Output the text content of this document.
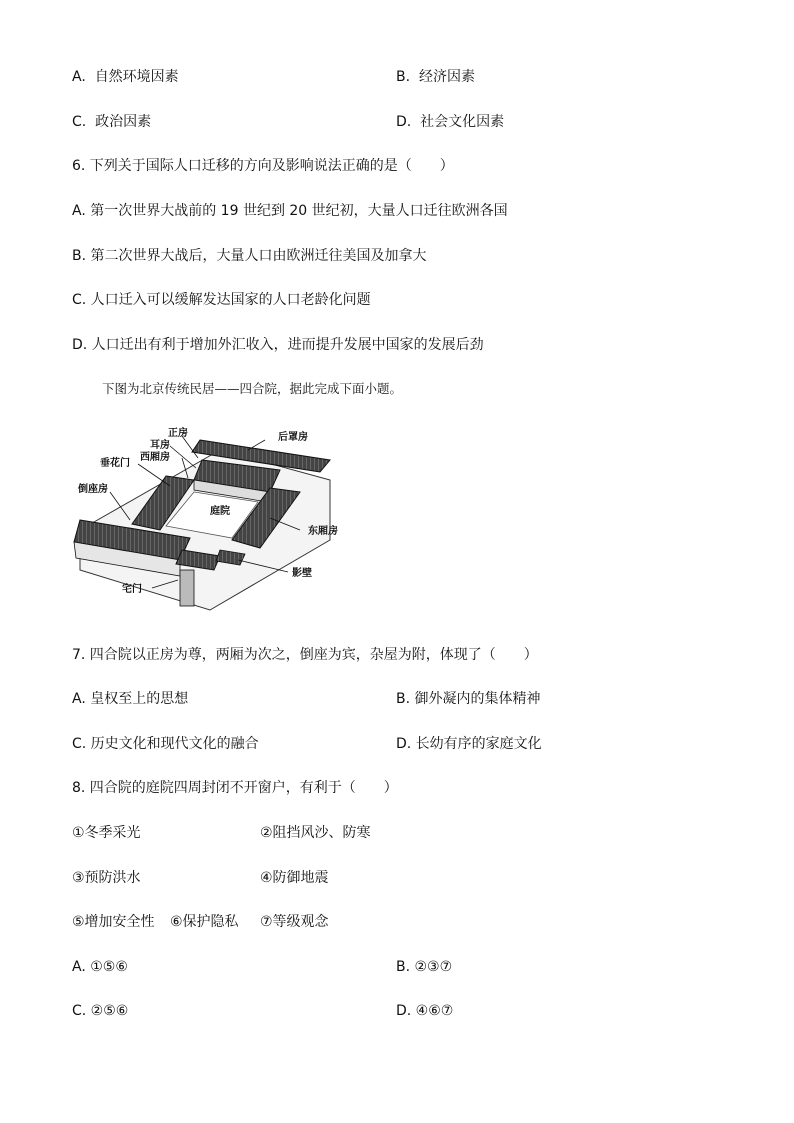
A. 自然环境因素	B. 经济因素
C. 政治因素	D. 社会文化因素
6. 下列关于国际人口迁移的方向及影响说法正确的是（　　）
A. 第一次世界大战前的 19 世纪到 20 世纪初，大量人口迁往欧洲各国
B. 第二次世界大战后，大量人口由欧洲迁往美国及加拿大
C. 人口迁入可以缓解发达国家的人口老龄化问题
D. 人口迁出有利于增加外汇收入，进而提升发展中国家的发展后劲
下图为北京传统民居——四合院，据此完成下面小题。
正房	后罩房
耳房
西厢房
垂花门
倒座房
庭院
东厢房
影壁
宅门
7. 四合院以正房为尊，两厢为次之，倒座为宾，杂屋为附，体现了（　　）
A. 皇权至上的思想	B. 御外凝内的集体精神
C. 历史文化和现代文化的融合	D. 长幼有序的家庭文化
8. 四合院的庭院四周封闭不开窗户，有利于（　　）
①冬季采光	②阻挡风沙、防寒
③预防洪水	④防御地震
⑤增加安全性 ⑥保护隐私 ⑦等级观念
A. ①⑤⑥	B. ②③⑦
C. ②⑤⑥	D. ④⑥⑦
